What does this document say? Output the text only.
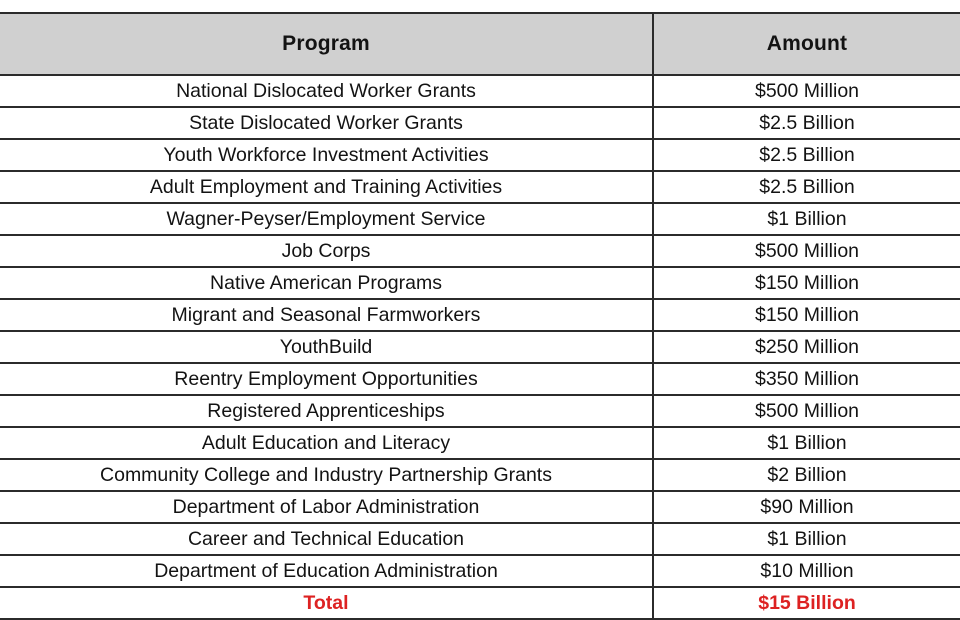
Program	Amount
National Dislocated Worker Grants	$500 Million
State Dislocated Worker Grants	$2.5 Billion
Youth Workforce Investment Activities	$2.5 Billion
Adult Employment and Training Activities	$2.5 Billion
Wagner-Peyser/Employment Service	$1 Billion
Job Corps	$500 Million
Native American Programs	$150 Million
Migrant and Seasonal Farmworkers	$150 Million
YouthBuild	$250 Million
Reentry Employment Opportunities	$350 Million
Registered Apprenticeships	$500 Million
Adult Education and Literacy	$1 Billion
Community College and Industry Partnership Grants	$2 Billion
Department of Labor Administration	$90 Million
Career and Technical Education	$1 Billion
Department of Education Administration	$10 Million
Total	$15 Billion
